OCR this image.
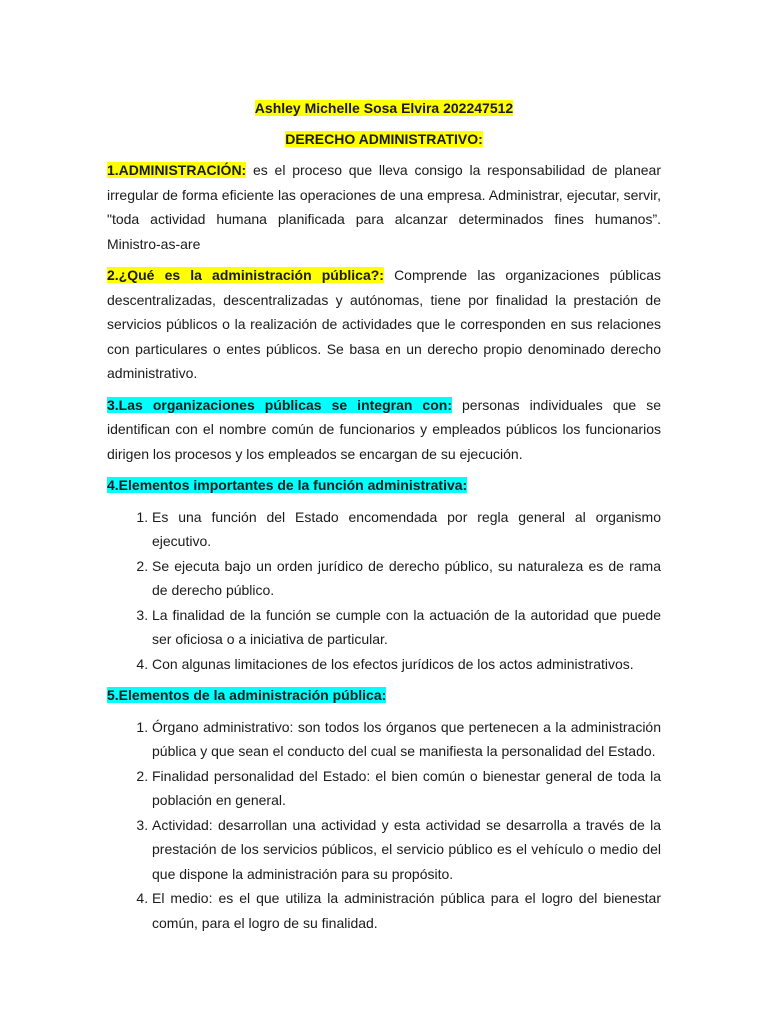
Ashley Michelle Sosa Elvira 202247512
DERECHO ADMINISTRATIVO:

1.ADMINISTRACIÓN: es el proceso que lleva consigo la responsabilidad de planear irregular de forma eficiente las operaciones de una empresa. Administrar, ejecutar, servir, "toda actividad humana planificada para alcanzar determinados fines humanos”. Ministro-as-are

2.¿Qué es la administración pública?: Comprende las organizaciones públicas descentralizadas, descentralizadas y autónomas, tiene por finalidad la prestación de servicios públicos o la realización de actividades que le corresponden en sus relaciones con particulares o entes públicos. Se basa en un derecho propio denominado derecho administrativo.

3.Las organizaciones públicas se integran con: personas individuales que se identifican con el nombre común de funcionarios y empleados públicos los funcionarios dirigen los procesos y los empleados se encargan de su ejecución.

4.Elementos importantes de la función administrativa:

1. Es una función del Estado encomendada por regla general al organismo ejecutivo.
2. Se ejecuta bajo un orden jurídico de derecho público, su naturaleza es de rama de derecho público.
3. La finalidad de la función se cumple con la actuación de la autoridad que puede ser oficiosa o a iniciativa de particular.
4. Con algunas limitaciones de los efectos jurídicos de los actos administrativos.

5.Elementos de la administración pública:

1. Órgano administrativo: son todos los órganos que pertenecen a la administración pública y que sean el conducto del cual se manifiesta la personalidad del Estado.
2. Finalidad personalidad del Estado: el bien común o bienestar general de toda la población en general.
3. Actividad: desarrollan una actividad y esta actividad se desarrolla a través de la prestación de los servicios públicos, el servicio público es el vehículo o medio del que dispone la administración para su propósito.
4. El medio: es el que utiliza la administración pública para el logro del bienestar común, para el logro de su finalidad.
